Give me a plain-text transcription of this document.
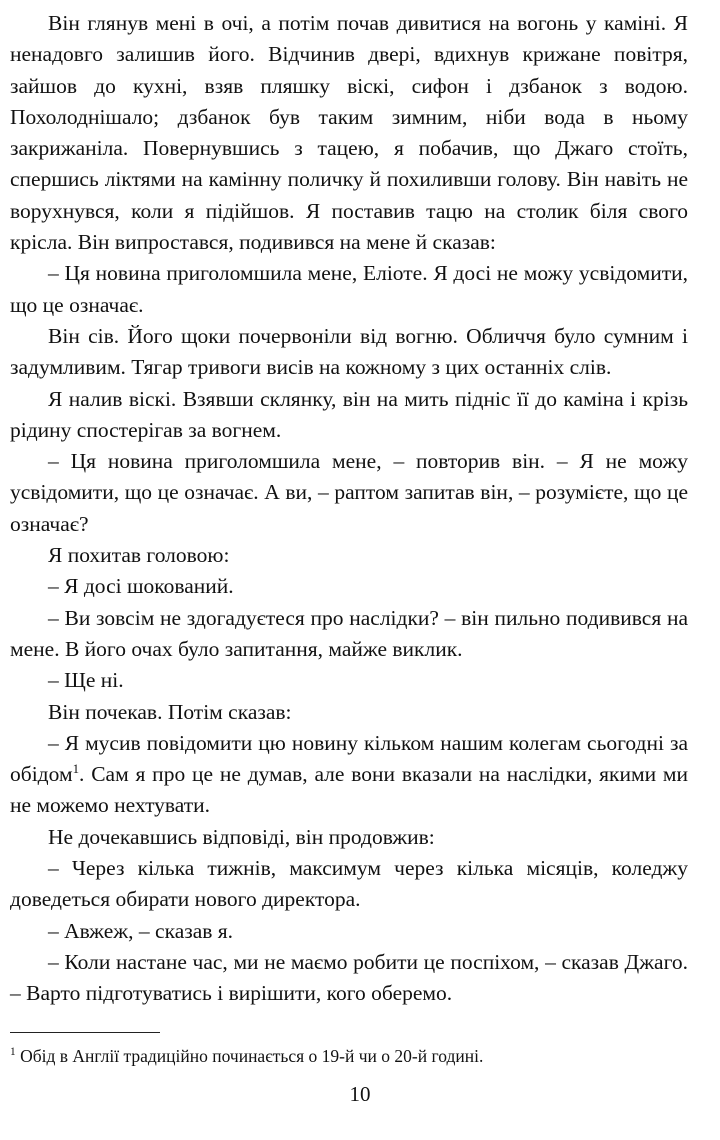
Він глянув мені в очі, а потім почав дивитися на вогонь у каміні. Я ненадовго залишив його. Відчинив двері, вдихнув крижане повітря, зайшов до кухні, взяв пляшку віскі, сифон і дзбанок з водою. Похолоднішало; дзбанок був таким зимним, ніби вода в ньому закрижаніла. Повернувшись з тацею, я побачив, що Джаго стоїть, спершись ліктями на камінну поличку й похиливши голову. Він навіть не ворухнувся, коли я підійшов. Я поставив тацю на столик біля свого крісла. Він випростався, подивився на мене й сказав:

– Ця новина приголомшила мене, Еліоте. Я досі не можу усвідомити, що це означає.

Він сів. Його щоки почервоніли від вогню. Обличчя було сумним і задумливим. Тягар тривоги висів на кожному з цих останніх слів.

Я налив віскі. Взявши склянку, він на мить підніс її до каміна і крізь рідину спостерігав за вогнем.

– Ця новина приголомшила мене, – повторив він. – Я не можу усвідомити, що це означає. А ви, – раптом запитав він, – розумієте, що це означає?

Я похитав головою:

– Я досі шокований.

– Ви зовсім не здогадуєтеся про наслідки? – він пильно подивився на мене. В його очах було запитання, майже виклик.

– Ще ні.

Він почекав. Потім сказав:

– Я мусив повідомити цю новину кільком нашим колегам сьогодні за обідом$^1$. Сам я про це не думав, але вони вказали на наслідки, якими ми не можемо нехтувати.

Не дочекавшись відповіді, він продовжив:

– Через кілька тижнів, максимум через кілька місяців, коледжу доведеться обирати нового директора.

– Авжеж, – сказав я.

– Коли настане час, ми не маємо робити це поспіхом, – сказав Джаго. – Варто підготуватись і вирішити, кого оберемо.

$^1$ Обід в Англії традиційно починається о 19-й чи о 20-й годині.
10
